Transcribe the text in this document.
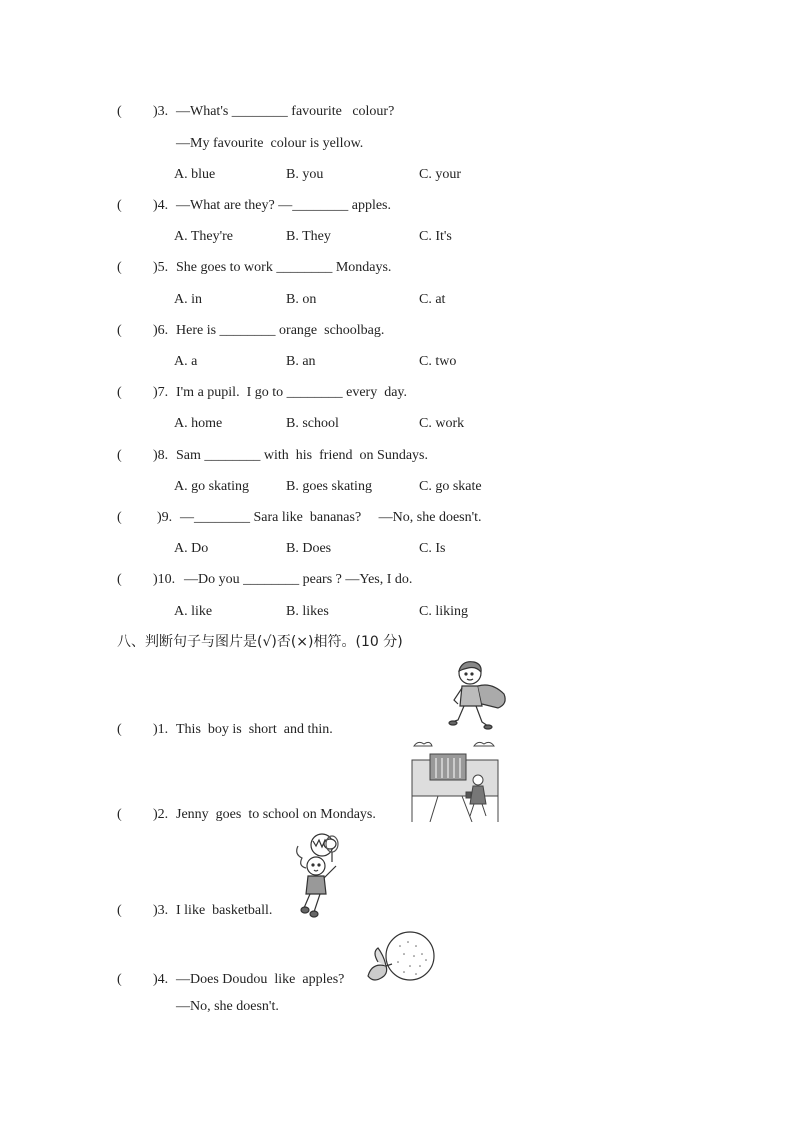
(	)3. —What's ________ favourite   colour?
—My favourite  colour is yellow.
A. blue	B. you	C. your
(	)4. —What are they? —________ apples.
A. They're	B. They	C. It's
(	)5. She goes to work ________ Mondays.
A. in	B. on	C. at
(	)6. Here is ________ orange  schoolbag.
A. a	B. an	C. two
(	)7. I'm a pupil.  I go to ________ every  day.
A. home	B. school	C. work
(	)8. Sam ________ with  his  friend  on Sundays.
A. go skating	B. goes skating	C. go skate
(	)9. —________ Sara like  bananas?     —No, she doesn't.
A. Do	B. Does	C. Is
(	)10. —Do you ________ pears ? —Yes, I do.
A. like	B. likes	C. liking
八、判断句子与图片是(√)否(×)相符。(10 分)
(	)1. This  boy is  short  and thin.
(	)2. Jenny  goes  to school on Mondays.
(	)3. I like  basketball.
(	)4. —Does Doudou  like  apples?
—No, she doesn't.
